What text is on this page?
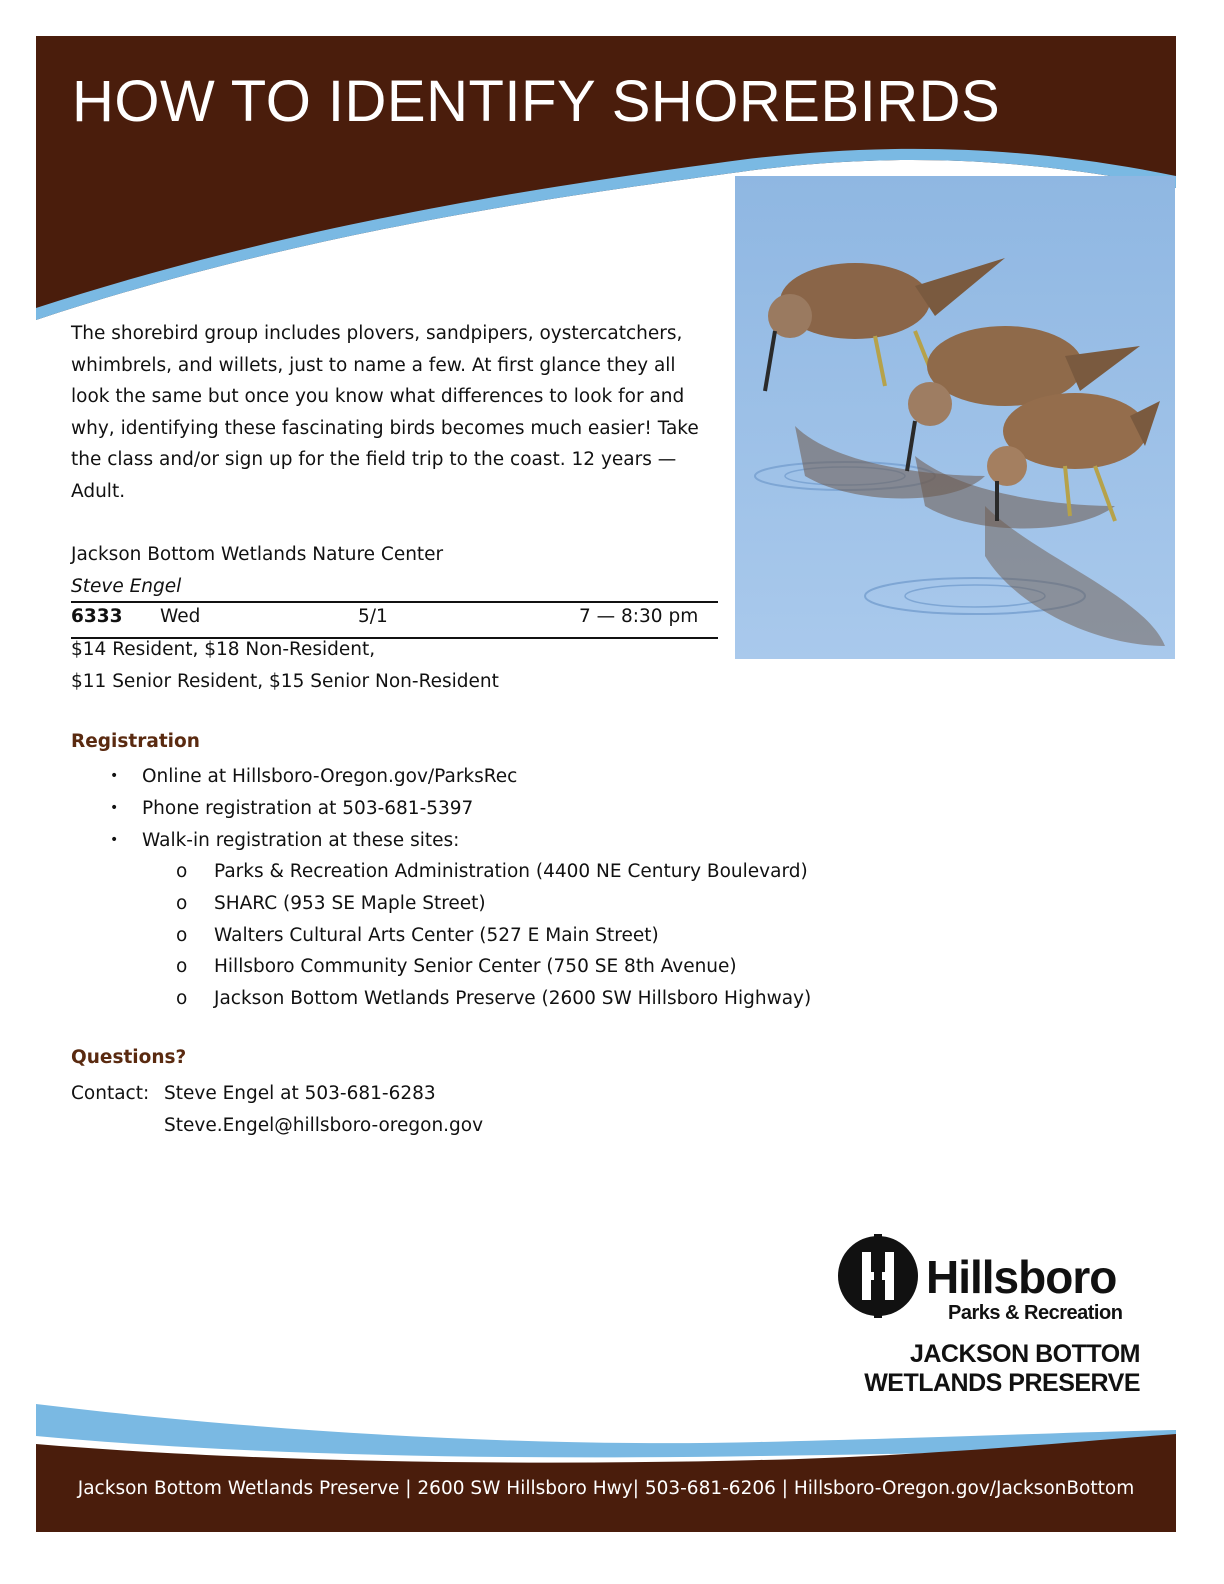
HOW TO IDENTIFY SHOREBIRDS

The shorebird group includes plovers, sandpipers, oystercatchers, whimbrels, and willets, just to name a few. At first glance they all look the same but once you know what differences to look for and why, identifying these fascinating birds becomes much easier! Take the class and/or sign up for the field trip to the coast. 12 years — Adult.

Jackson Bottom Wetlands Nature Center
Steve Engel
6333 Wed	5/1	7 — 8:30 pm
$14 Resident, $18 Non-Resident,
$11 Senior Resident, $15 Senior Non-Resident
Registration
• Online at Hillsboro-Oregon.gov/ParksRec
• Phone registration at 503-681-5397
• Walk-in registration at these sites:
o Parks & Recreation Administration (4400 NE Century Boulevard)
o SHARC (953 SE Maple Street)
o Walters Cultural Arts Center (527 E Main Street)
o Hillsboro Community Senior Center (750 SE 8th Avenue)
o Jackson Bottom Wetlands Preserve (2600 SW Hillsboro Highway)
Questions?
Contact: Steve Engel at 503-681-6283
Steve.Engel@hillsboro-oregon.gov
Hillsboro
Parks & Recreation
JACKSON BOTTOM
WETLANDS PRESERVE
Jackson Bottom Wetlands Preserve | 2600 SW Hillsboro Hwy| 503-681-6206 | Hillsboro-Oregon.gov/JacksonBottom
